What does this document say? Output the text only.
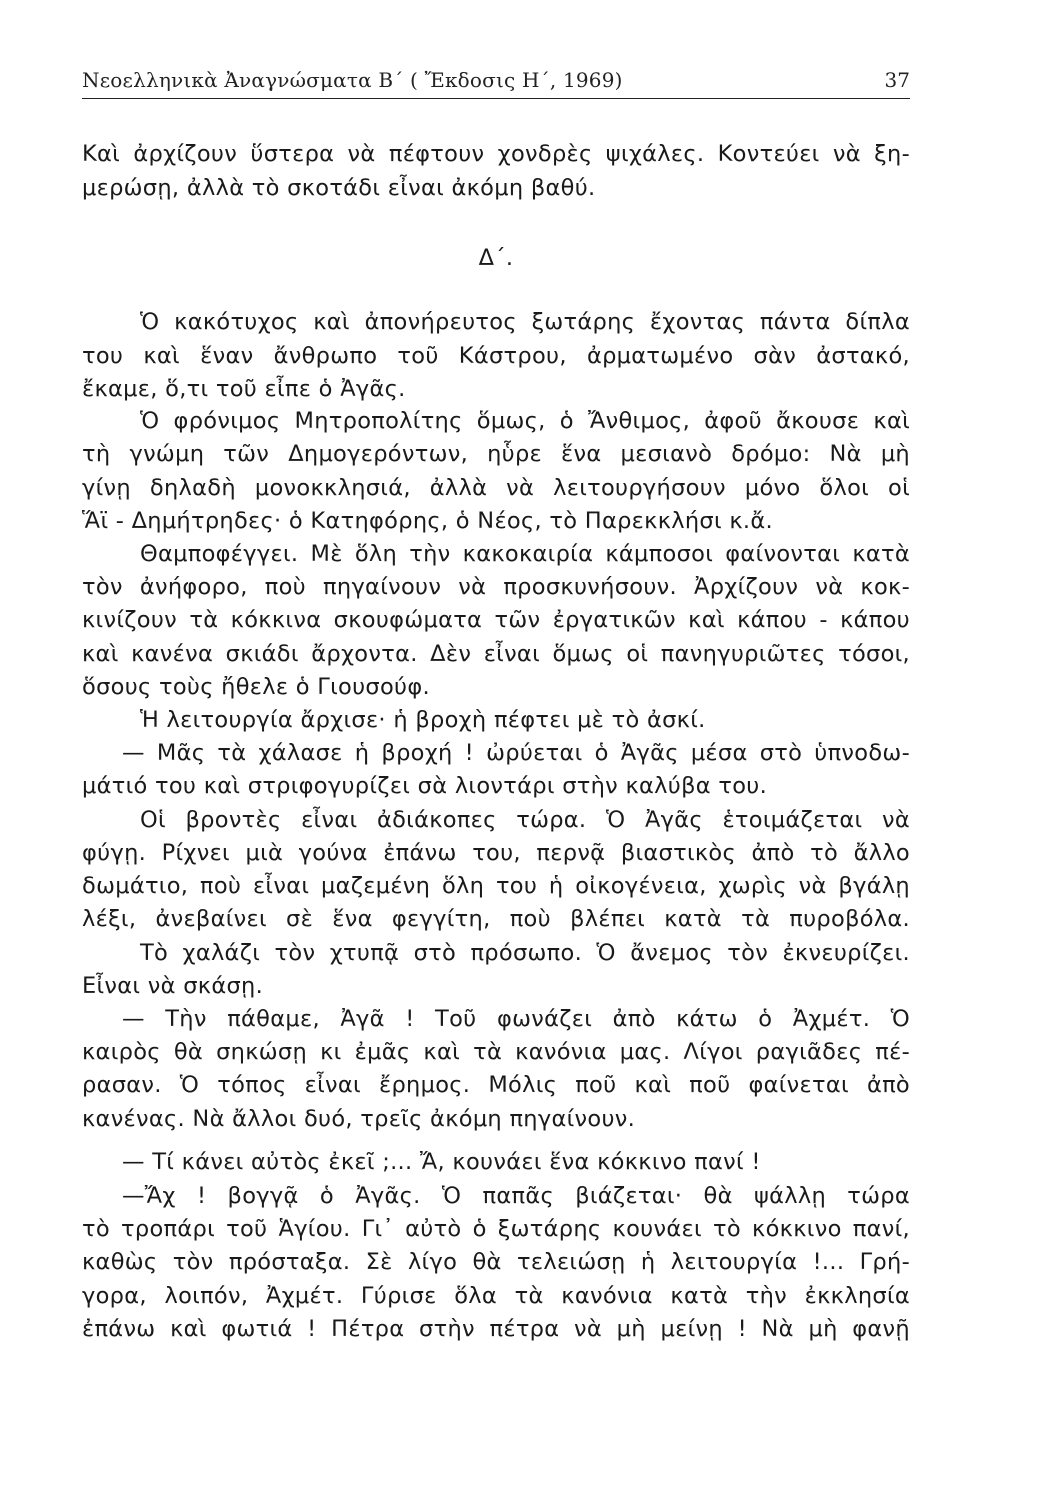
Νεοελληνικὰ Ἀναγνώσματα Β΄ ( Ἔκδοσις Η΄, 1969)	37
Καὶ ἀρχίζουν ὕστερα νὰ πέφτουν χονδρὲς ψιχάλες. Κοντεύει νὰ ξη-
μερώσῃ, ἀλλὰ τὸ σκοτάδι εἶναι ἀκόμη βαθύ.
Δ΄.
Ὁ κακότυχος καὶ ἀπονήρευτος ξωτάρης ἔχοντας πάντα δίπλα
του καὶ ἕναν ἄνθρωπο τοῦ Κάστρου, ἀρματωμένο σὰν ἀστακό,
ἔκαμε, ὅ,τι τοῦ εἶπε ὁ Ἀγᾶς.
Ὁ φρόνιμος Μητροπολίτης ὅμως, ὁ Ἄνθιμος, ἀφοῦ ἄκουσε καὶ
τὴ γνώμη τῶν Δημογερόντων, ηὗρε ἕνα μεσιανὸ δρόμο: Νὰ μὴ
γίνῃ δηλαδὴ μονοκκλησιά, ἀλλὰ νὰ λειτουργήσουν μόνο ὅλοι οἱ
Ἅϊ - Δημήτρηδες· ὁ Κατηφόρης, ὁ Νέος, τὸ Παρεκκλήσι κ.ἄ.
Θαμποφέγγει. Μὲ ὅλη τὴν κακοκαιρία κάμποσοι φαίνονται κατὰ
τὸν ἀνήφορο, ποὺ πηγαίνουν νὰ προσκυνήσουν. Ἀρχίζουν νὰ κοκ-
κινίζουν τὰ κόκκινα σκουφώματα τῶν ἐργατικῶν καὶ κάπου - κάπου
καὶ κανένα σκιάδι ἄρχοντα. Δὲν εἶναι ὅμως οἱ πανηγυριῶτες τόσοι,
ὅσους τοὺς ἤθελε ὁ Γιουσούφ.
Ἡ λειτουργία ἄρχισε· ἡ βροχὴ πέφτει μὲ τὸ ἀσκί.
— Μᾶς τὰ χάλασε ἡ βροχή ! ὠρύεται ὁ Ἀγᾶς μέσα στὸ ὑπνοδω-
μάτιό του καὶ στριφογυρίζει σὰ λιοντάρι στὴν καλύβα του.
Οἱ βροντὲς εἶναι ἀδιάκοπες τώρα. Ὁ Ἀγᾶς ἑτοιμάζεται νὰ
φύγῃ. Ρίχνει μιὰ γούνα ἐπάνω του, περνᾷ βιαστικὸς ἀπὸ τὸ ἄλλο
δωμάτιο, ποὺ εἶναι μαζεμένη ὅλη του ἡ οἰκογένεια, χωρὶς νὰ βγάλῃ
λέξι, ἀνεβαίνει σὲ ἕνα φεγγίτη, ποὺ βλέπει κατὰ τὰ πυροβόλα.
Τὸ χαλάζι τὸν χτυπᾷ στὸ πρόσωπο. Ὁ ἄνεμος τὸν ἐκνευρίζει.
Εἶναι νὰ σκάσῃ.
— Τὴν πάθαμε, Ἀγᾶ ! Τοῦ φωνάζει ἀπὸ κάτω ὁ Ἀχμέτ. Ὁ
καιρὸς θὰ σηκώσῃ κι ἐμᾶς καὶ τὰ κανόνια μας. Λίγοι ραγιᾶδες πέ-
ρασαν. Ὁ τόπος εἶναι ἔρημος. Μόλις ποῦ καὶ ποῦ φαίνεται ἀπὸ
κανένας. Νὰ ἄλλοι δυό, τρεῖς ἀκόμη πηγαίνουν.
— Τί κάνει αὐτὸς ἐκεῖ ;... Ἄ, κουνάει ἕνα κόκκινο πανί !
—Ἄχ ! βογγᾷ ὁ Ἀγᾶς. Ὁ παπᾶς βιάζεται· θὰ ψάλλῃ τώρα
τὸ τροπάρι τοῦ Ἁγίου. Γι᾿ αὐτὸ ὁ ξωτάρης κουνάει τὸ κόκκινο πανί,
καθὼς τὸν πρόσταξα. Σὲ λίγο θὰ τελειώσῃ ἡ λειτουργία !... Γρή-
γορα, λοιπόν, Ἀχμέτ. Γύρισε ὅλα τὰ κανόνια κατὰ τὴν ἐκκλησία
ἐπάνω καὶ φωτιά ! Πέτρα στὴν πέτρα νὰ μὴ μείνῃ ! Νὰ μὴ φανῇ
